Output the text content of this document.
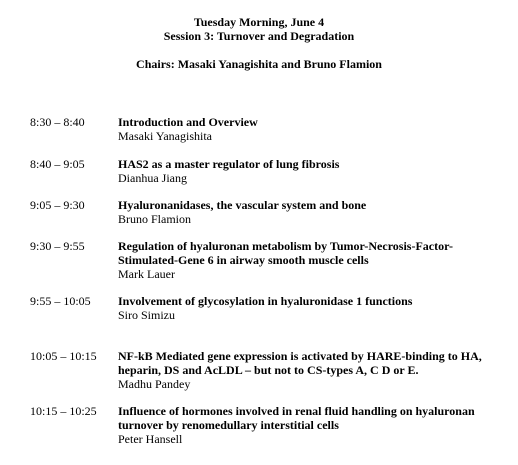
Tuesday Morning, June 4
Session 3: Turnover and Degradation
Chairs: Masaki Yanagishita and Bruno Flamion
8:30 – 8:40	Introduction and Overview
Masaki Yanagishita
8:40 – 9:05	HAS2 as a master regulator of lung fibrosis
Dianhua Jiang
9:05 – 9:30	Hyaluronanidases, the vascular system and bone
Bruno Flamion
9:30 – 9:55	Regulation of hyaluronan metabolism by Tumor-Necrosis-Factor-Stimulated-Gene 6 in airway smooth muscle cells
Mark Lauer
9:55 – 10:05 Involvement of glycosylation in hyaluronidase 1 functions
Siro Simizu
10:05 – 10:15 NF-kB Mediated gene expression is activated by HARE-binding to HA, heparin, DS and AcLDL – but not to CS-types A, C D or E.
Madhu Pandey
10:15 – 10:25 Influence of hormones involved in renal fluid handling on hyaluronan turnover by renomedullary interstitial cells
Peter Hansell
